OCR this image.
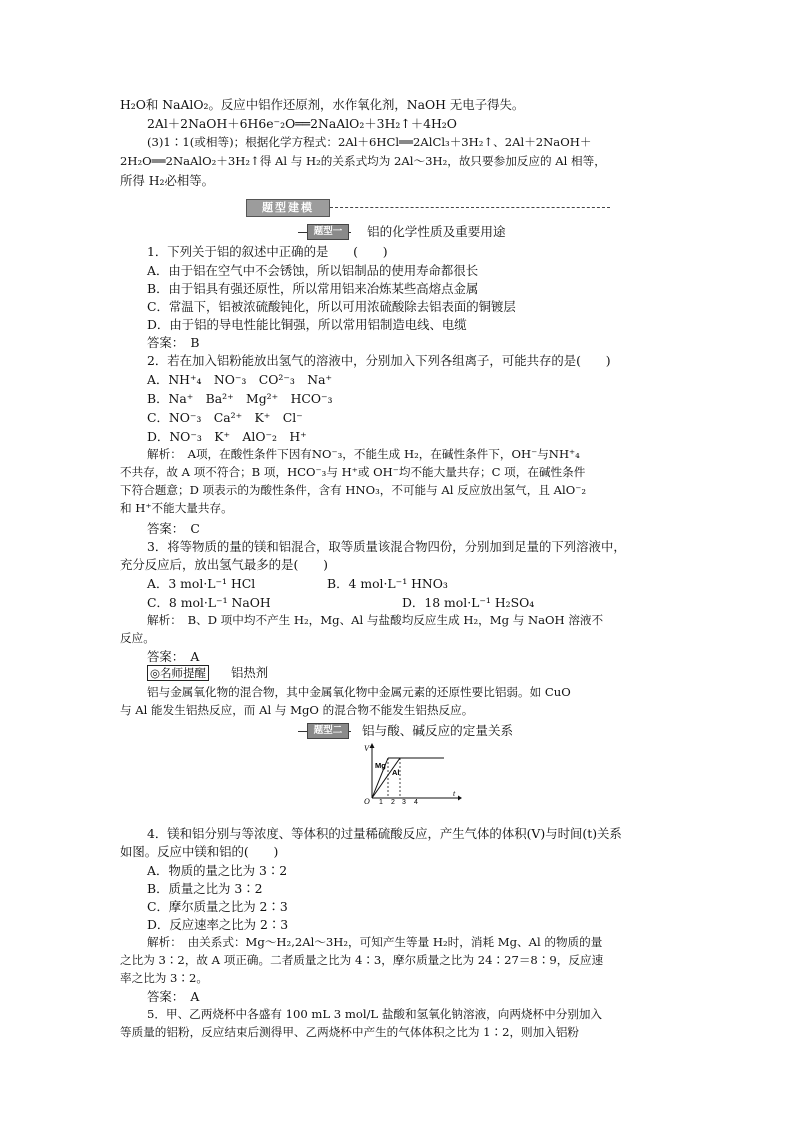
H₂O和 NaAlO₂。反应中铝作还原剂，水作氧化剂，NaOH 无电子得失。
2Al＋2NaOH＋6H6e⁻₂O══2NaAlO₂＋3H₂↑＋4H₂O
(3)1∶1(或相等)；根据化学方程式：2Al＋6HCl══2AlCl₃＋3H₂↑、2Al＋2NaOH＋
2H₂O══2NaAlO₂＋3H₂↑得 Al 与 H₂的关系式均为 2Al～3H₂，故只要参加反应的 Al 相等，
所得 H₂必相等。
题型建模
题型一	铝的化学性质及重要用途
1．下列关于铝的叙述中正确的是　　(　　)
A．由于铝在空气中不会锈蚀，所以铝制品的使用寿命都很长
B．由于铝具有强还原性，所以常用铝来冶炼某些高熔点金属
C．常温下，铝被浓硫酸钝化，所以可用浓硫酸除去铝表面的铜镀层
D．由于铝的导电性能比铜强，所以常用铝制造电线、电缆
答案：　B
2．若在加入铝粉能放出氢气的溶液中，分别加入下列各组离子，可能共存的是(　　)
A．NH⁺₄　NO⁻₃　CO²⁻₃　Na⁺
B．Na⁺　Ba²⁺　Mg²⁺　HCO⁻₃
C．NO⁻₃　Ca²⁺　K⁺　Cl⁻
D．NO⁻₃　K⁺　AlO⁻₂　H⁺
解析：　A项，在酸性条件下因有NO⁻₃，不能生成 H₂，在碱性条件下，OH⁻与NH⁺₄
不共存，故 A 项不符合；B 项，HCO⁻₃与 H⁺或 OH⁻均不能大量共存；C 项，在碱性条件
下符合题意；D 项表示的为酸性条件，含有 HNO₃，不可能与 Al 反应放出氢气，且 AlO⁻₂
和 H⁺不能大量共存。
答案：　C
3．将等物质的量的镁和铝混合，取等质量该混合物四份，分别加到足量的下列溶液中，
充分反应后，放出氢气最多的是(　　)
A．3 mol·L⁻¹ HCl	B．4 mol·L⁻¹ HNO₃
C．8 mol·L⁻¹ NaOH	D．18 mol·L⁻¹ H₂SO₄
解析：　B、D 项中均不产生 H₂，Mg、Al 与盐酸均反应生成 H₂，Mg 与 NaOH 溶液不
反应。
答案：　A
◎名师提醒 铝热剂
铝与金属氧化物的混合物，其中金属氧化物中金属元素的还原性要比铝弱。如 CuO
与 Al 能发生铝热反应，而 Al 与 MgO 的混合物不能发生铝热反应。
题型二	铝与酸、碱反应的定量关系
V
t
O
Mg
Al
1 2 3 4
4．镁和铝分别与等浓度、等体积的过量稀硫酸反应，产生气体的体积(V)与时间(t)关系
如图。反应中镁和铝的(　　)
A．物质的量之比为 3∶2
B．质量之比为 3∶2
C．摩尔质量之比为 2∶3
D．反应速率之比为 2∶3
解析：　由关系式：Mg～H₂,2Al～3H₂，可知产生等量 H₂时，消耗 Mg、Al 的物质的量
之比为 3∶2，故 A 项正确。二者质量之比为 4∶3，摩尔质量之比为 24∶27＝8∶9，反应速
率之比为 3∶2。
答案：　A
5．甲、乙两烧杯中各盛有 100 mL 3 mol/L 盐酸和氢氧化钠溶液，向两烧杯中分别加入
等质量的铝粉，反应结束后测得甲、乙两烧杯中产生的气体体积之比为 1∶2，则加入铝粉
